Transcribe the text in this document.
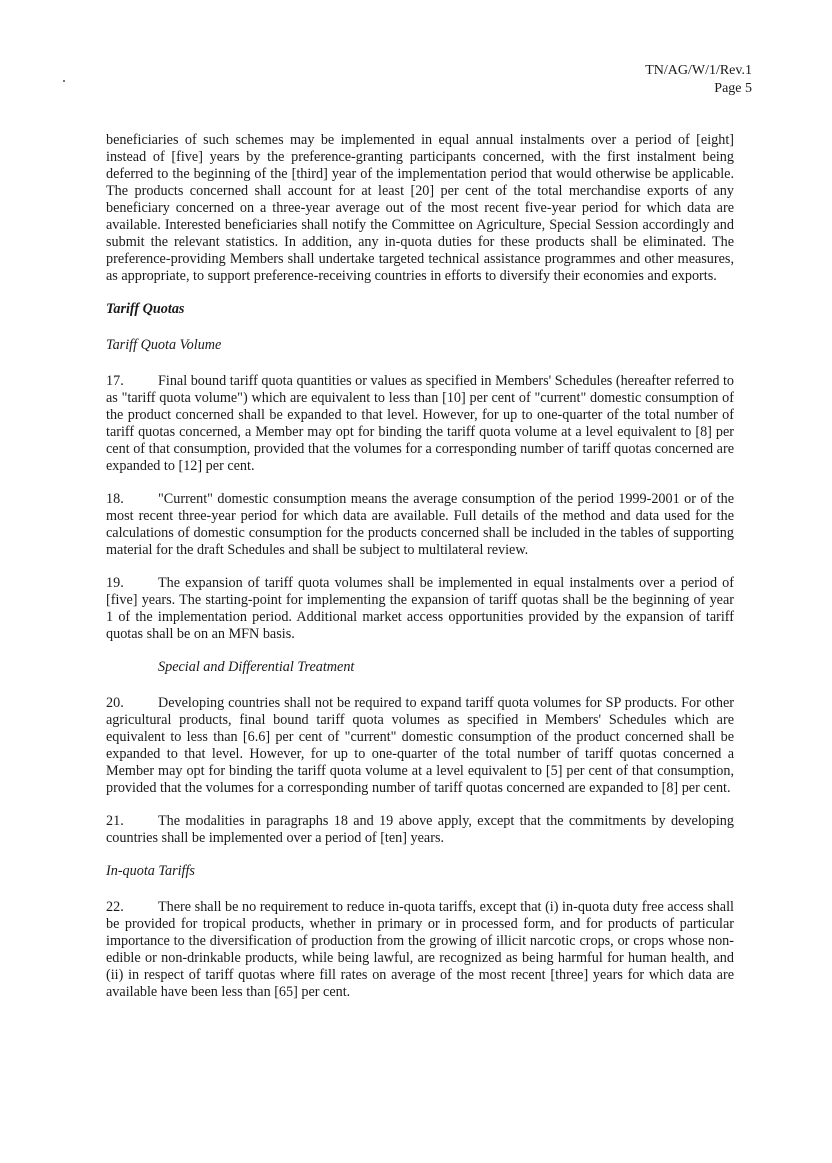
TN/AG/W/1/Rev.1
Page 5

beneficiaries of such schemes may be implemented in equal annual instalments over a period of [eight] instead of [five] years by the preference-granting participants concerned, with the first instalment being deferred to the beginning of the [third] year of the implementation period that would otherwise be applicable. The products concerned shall account for at least [20] per cent of the total merchandise exports of any beneficiary concerned on a three-year average out of the most recent five-year period for which data are available. Interested beneficiaries shall notify the Committee on Agriculture, Special Session accordingly and submit the relevant statistics. In addition, any in-quota duties for these products shall be eliminated. The preference-providing Members shall undertake targeted technical assistance programmes and other measures, as appropriate, to support preference-receiving countries in efforts to diversify their economies and exports.

Tariff Quotas
Tariff Quota Volume

17. Final bound tariff quota quantities or values as specified in Members' Schedules (hereafter referred to as "tariff quota volume") which are equivalent to less than [10] per cent of "current" domestic consumption of the product concerned shall be expanded to that level. However, for up to one-quarter of the total number of tariff quotas concerned, a Member may opt for binding the tariff quota volume at a level equivalent to [8] per cent of that consumption, provided that the volumes for a corresponding number of tariff quotas concerned are expanded to [12] per cent.

18. "Current" domestic consumption means the average consumption of the period 1999-2001 or of the most recent three-year period for which data are available. Full details of the method and data used for the calculations of domestic consumption for the products concerned shall be included in the tables of supporting material for the draft Schedules and shall be subject to multilateral review.

19. The expansion of tariff quota volumes shall be implemented in equal instalments over a period of [five] years. The starting-point for implementing the expansion of tariff quotas shall be the beginning of year 1 of the implementation period. Additional market access opportunities provided by the expansion of tariff quotas shall be on an MFN basis.

Special and Differential Treatment

20. Developing countries shall not be required to expand tariff quota volumes for SP products. For other agricultural products, final bound tariff quota volumes as specified in Members' Schedules which are equivalent to less than [6.6] per cent of "current" domestic consumption of the product concerned shall be expanded to that level. However, for up to one-quarter of the total number of tariff quotas concerned a Member may opt for binding the tariff quota volume at a level equivalent to [5] per cent of that consumption, provided that the volumes for a corresponding number of tariff quotas concerned are expanded to [8] per cent.

21. The modalities in paragraphs 18 and 19 above apply, except that the commitments by developing countries shall be implemented over a period of [ten] years.

In-quota Tariffs

22. There shall be no requirement to reduce in-quota tariffs, except that (i) in-quota duty free access shall be provided for tropical products, whether in primary or in processed form, and for products of particular importance to the diversification of production from the growing of illicit narcotic crops, or crops whose non-edible or non-drinkable products, while being lawful, are recognized as being harmful for human health, and (ii) in respect of tariff quotas where fill rates on average of the most recent [three] years for which data are available have been less than [65] per cent.
